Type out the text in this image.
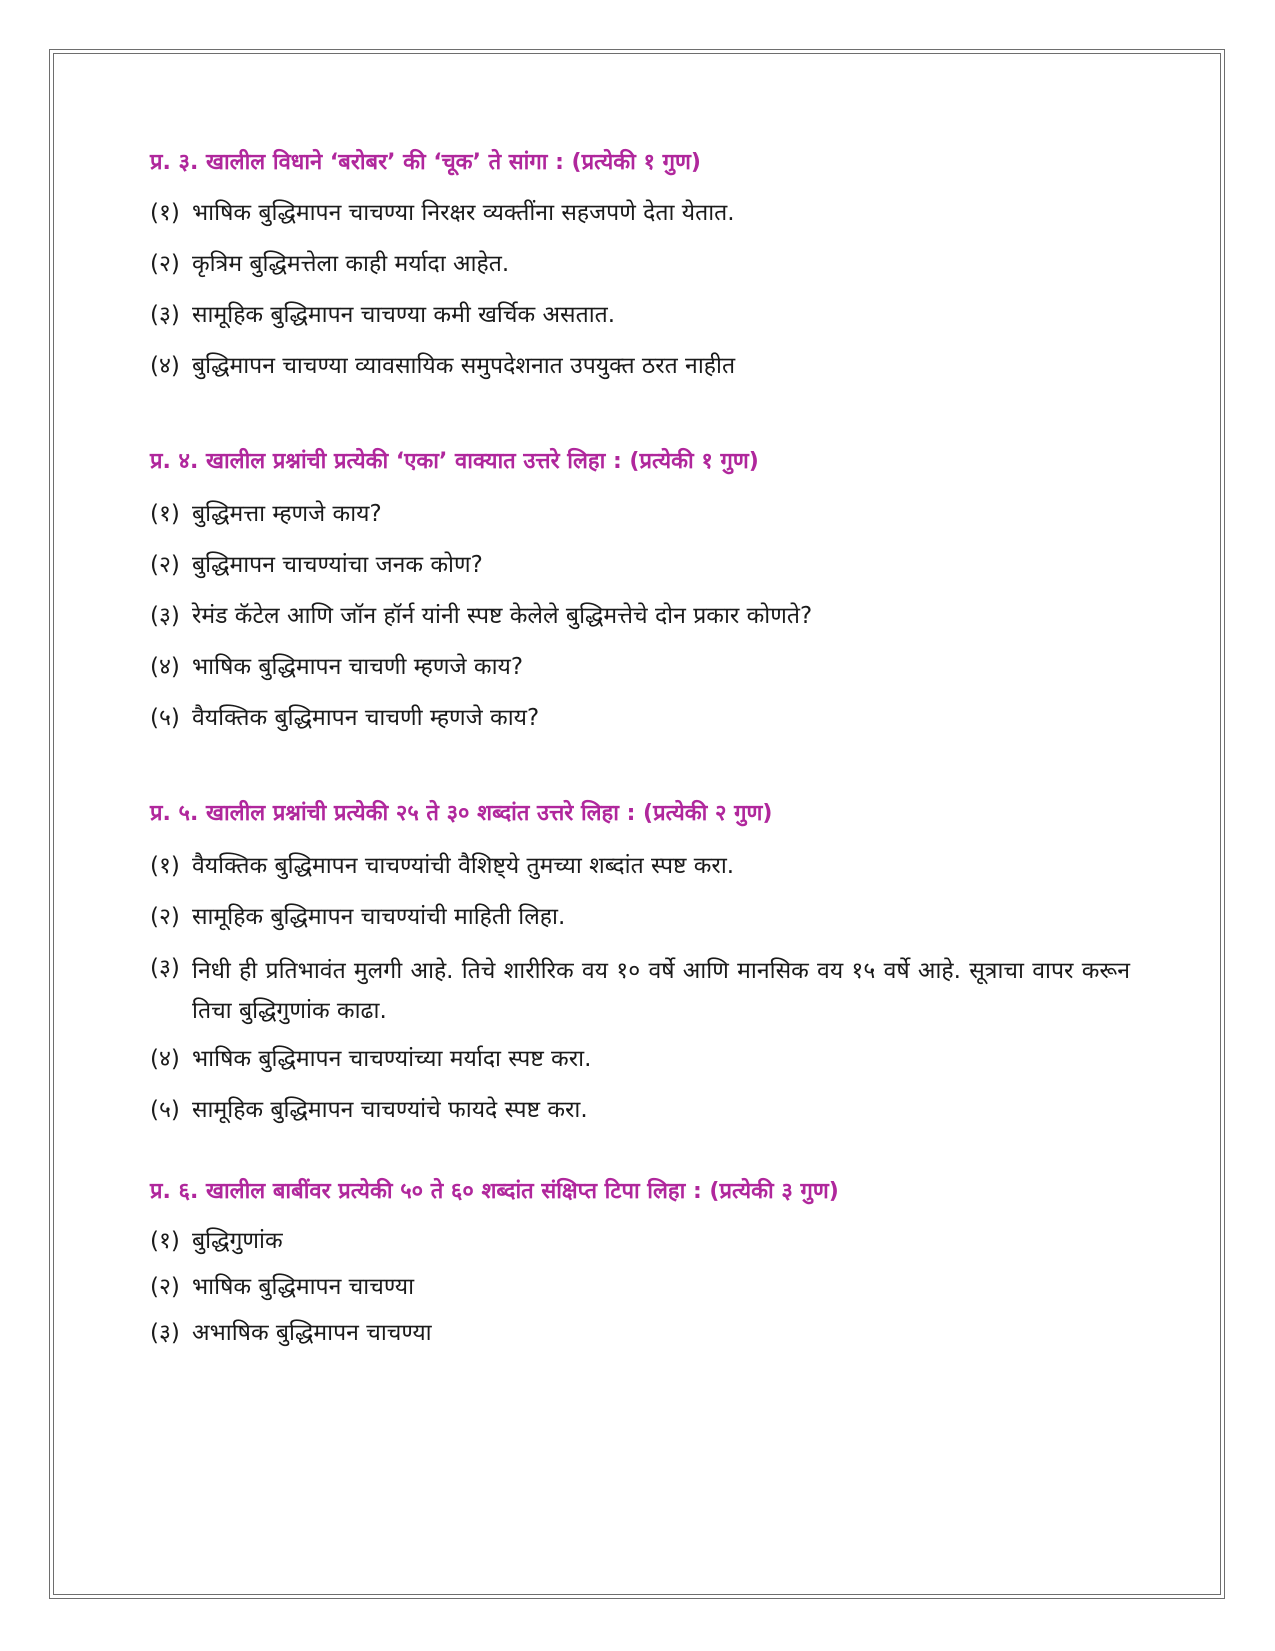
प्र. ३. खालील विधाने ‘बरोबर’ की ‘चूक’ ते सांगा : (प्रत्येकी १ गुण)

(१) भाषिक बुद्धिमापन चाचण्या निरक्षर व्यक्तींना सहजपणे देता येतात.
(२) कृत्रिम बुद्धिमत्तेला काही मर्यादा आहेत.
(३) सामूहिक बुद्धिमापन चाचण्या कमी खर्चिक असतात.
(४) बुद्धिमापन चाचण्या व्यावसायिक समुपदेशनात उपयुक्त ठरत नाहीत

प्र. ४. खालील प्रश्नांची प्रत्येकी ‘एका’ वाक्यात उत्तरे लिहा : (प्रत्येकी १ गुण)

(१) बुद्धिमत्ता म्हणजे काय?
(२) बुद्धिमापन चाचण्यांचा जनक कोण?
(३) रेमंड कॅटेल आणि जॉन हॉर्न यांनी स्पष्ट केलेले बुद्धिमत्तेचे दोन प्रकार कोणते?
(४) भाषिक बुद्धिमापन चाचणी म्हणजे काय?
(५) वैयक्तिक बुद्धिमापन चाचणी म्हणजे काय?

प्र. ५. खालील प्रश्नांची प्रत्येकी २५ ते ३० शब्दांत उत्तरे लिहा : (प्रत्येकी २ गुण)

(१) वैयक्तिक बुद्धिमापन चाचण्यांची वैशिष्ट्ये तुमच्या शब्दांत स्पष्ट करा.
(२) सामूहिक बुद्धिमापन चाचण्यांची माहिती लिहा.
(३) निधी ही प्रतिभावंत मुलगी आहे. तिचे शारीरिक वय १० वर्षे आणि मानसिक वय १५ वर्षे आहे. सूत्राचा वापर करून तिचा बुद्धिगुणांक काढा.
(४) भाषिक बुद्धिमापन चाचण्यांच्या मर्यादा स्पष्ट करा.
(५) सामूहिक बुद्धिमापन चाचण्यांचे फायदे स्पष्ट करा.

प्र. ६. खालील बाबींवर प्रत्येकी ५० ते ६० शब्दांत संक्षिप्त टिपा लिहा : (प्रत्येकी ३ गुण)

(१) बुद्धिगुणांक
(२) भाषिक बुद्धिमापन चाचण्या
(३) अभाषिक बुद्धिमापन चाचण्या
